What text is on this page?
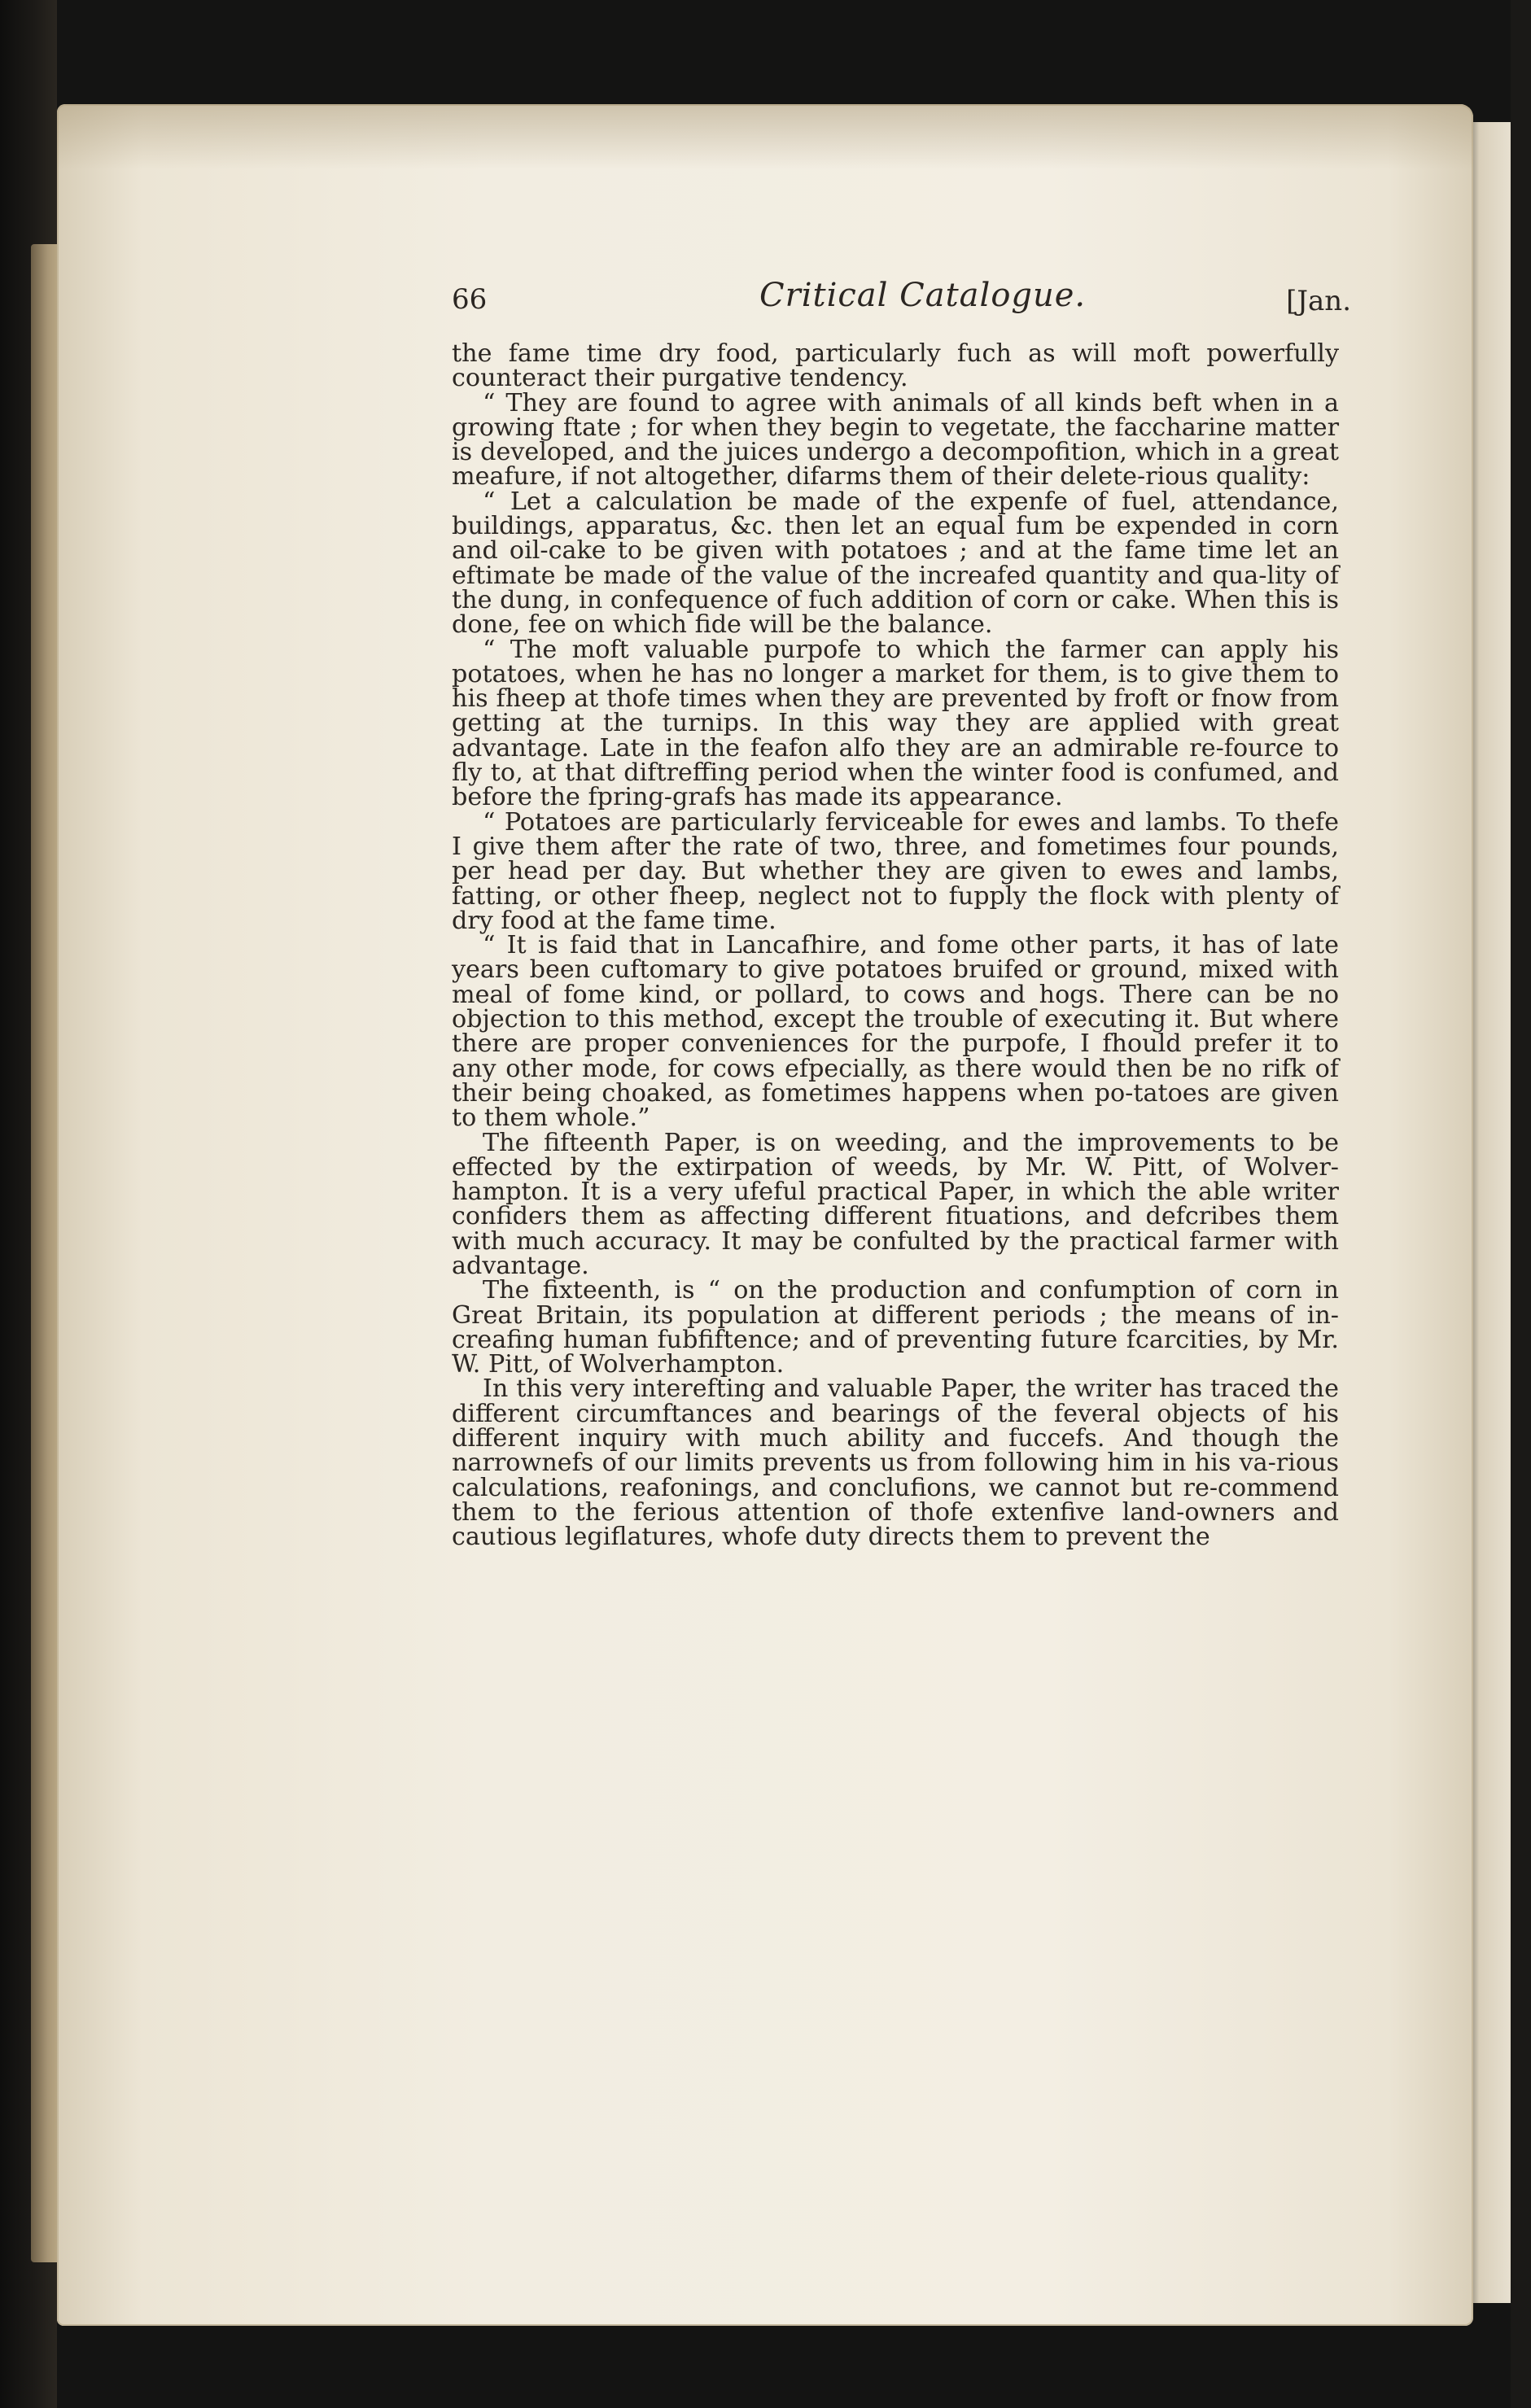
66	Critical Catalogue.	[Jan.

the fame time dry food, particularly fuch as will moft powerfully counteract their purgative tendency.

“ They are found to agree with animals of all kinds beft when in a growing ftate ; for when they begin to vegetate, the faccharine matter is developed, and the juices undergo a decompofition, which in a great meafure, if not altogether, difarms them of their delete-rious quality:

“ Let a calculation be made of the expenfe of fuel, attendance, buildings, apparatus, &c. then let an equal fum be expended in corn and oil-cake to be given with potatoes ; and at the fame time let an eftimate be made of the value of the increafed quantity and qua-lity of the dung, in confequence of fuch addition of corn or cake. When this is done, fee on which fide will be the balance.

“ The moft valuable purpofe to which the farmer can apply his potatoes, when he has no longer a market for them, is to give them to his fheep at thofe times when they are prevented by froft or fnow from getting at the turnips. In this way they are applied with great advantage. Late in the feafon alfo they are an admirable re-fource to fly to, at that diftreffing period when the winter food is confumed, and before the fpring-grafs has made its appearance.

“ Potatoes are particularly ferviceable for ewes and lambs. To thefe I give them after the rate of two, three, and fometimes four pounds, per head per day. But whether they are given to ewes and lambs, fatting, or other fheep, neglect not to fupply the flock with plenty of dry food at the fame time.

“ It is faid that in Lancafhire, and fome other parts, it has of late years been cuftomary to give potatoes bruifed or ground, mixed with meal of fome kind, or pollard, to cows and hogs. There can be no objection to this method, except the trouble of executing it. But where there are proper conveniences for the purpofe, I fhould prefer it to any other mode, for cows efpecially, as there would then be no rifk of their being choaked, as fometimes happens when po-tatoes are given to them whole.”

The fifteenth Paper, is on weeding, and the improvements to be effected by the extirpation of weeds, by Mr. W. Pitt, of Wolver-hampton. It is a very ufeful practical Paper, in which the able writer confiders them as affecting different fituations, and defcribes them with much accuracy. It may be confulted by the practical farmer with advantage.

The fixteenth, is “ on the production and confumption of corn in Great Britain, its population at different periods ; the means of in-creafing human fubfiftence; and of preventing future fcarcities, by Mr. W. Pitt, of Wolverhampton.

In this very interefting and valuable Paper, the writer has traced the different circumftances and bearings of the feveral objects of his different inquiry with much ability and fuccefs. And though the narrownefs of our limits prevents us from following him in his va-rious calculations, reafonings, and conclufions, we cannot but re-commend them to the ferious attention of thofe extenfive land-owners and cautious legiflatures, whofe duty directs them to prevent the
